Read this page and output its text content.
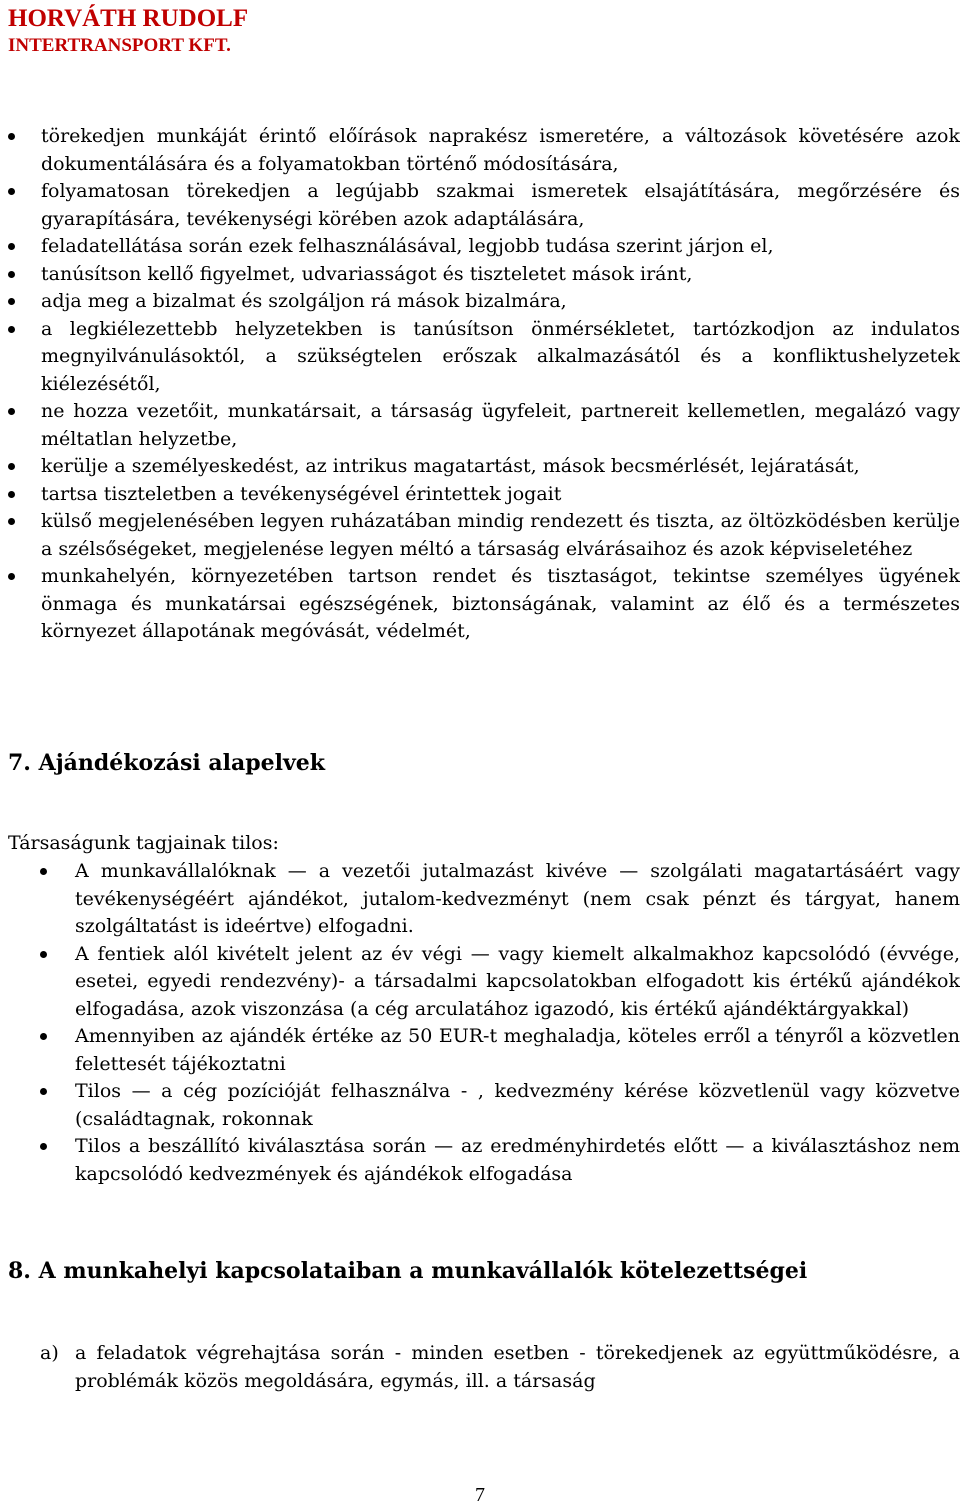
HORVÁTH RUDOLF
INTERTRANSPORT KFT.
törekedjen munkáját érintő előírások naprakész ismeretére, a változások követésére azok dokumentálására és a folyamatokban történő módosítására,
folyamatosan törekedjen a legújabb szakmai ismeretek elsajátítására, megőrzésére és gyarapítására, tevékenységi körében azok adaptálására,
feladatellátása során ezek felhasználásával, legjobb tudása szerint járjon el,
tanúsítson kellő figyelmet, udvariasságot és tiszteletet mások iránt,
adja meg a bizalmat és szolgáljon rá mások bizalmára,
a legkiélezettebb helyzetekben is tanúsítson önmérsékletet, tartózkodjon az indulatos megnyilvánulásoktól, a szükségtelen erőszak alkalmazásától és a konfliktushelyzetek kiélezésétől,
ne hozza vezetőit, munkatársait, a társaság ügyfeleit, partnereit kellemetlen, megalázó vagy méltatlan helyzetbe,
kerülje a személyeskedést, az intrikus magatartást, mások becsmérlését, lejáratását,
tartsa tiszteletben a tevékenységével érintettek jogait
külső megjelenésében legyen ruházatában mindig rendezett és tiszta, az öltözködésben kerülje a szélsőségeket, megjelenése legyen méltó a társaság elvárásaihoz és azok képviseletéhez
munkahelyén, környezetében tartson rendet és tisztaságot, tekintse személyes ügyének önmaga és munkatársai egészségének, biztonságának, valamint az élő és a természetes környezet állapotának megóvását, védelmét,
7. Ajándékozási alapelvek
Társaságunk tagjainak tilos:
A munkavállalóknak — a vezetői jutalmazást kivéve — szolgálati magatartásáért vagy tevékenységéért ajándékot, jutalom-kedvezményt (nem csak pénzt és tárgyat, hanem szolgáltatást is ideértve) elfogadni.
A fentiek alól kivételt jelent az év végi — vagy kiemelt alkalmakhoz kapcsolódó (évvége, esetei, egyedi rendezvény)- a társadalmi kapcsolatokban elfogadott kis értékű ajándékok elfogadása, azok viszonzása (a cég arculatához igazodó, kis értékű ajándéktárgyakkal)
Amennyiben az ajándék értéke az 50 EUR-t meghaladja, köteles erről a tényről a közvetlen felettesét tájékoztatni
Tilos — a cég pozícióját felhasználva - , kedvezmény kérése közvetlenül vagy közvetve (családtagnak, rokonnak
Tilos a beszállító kiválasztása során — az eredményhirdetés előtt — a kiválasztáshoz nem kapcsolódó kedvezmények és ajándékok elfogadása
8. A munkahelyi kapcsolataiban a munkavállalók kötelezettségei
a) a feladatok végrehajtása során - minden esetben - törekedjenek az együttműködésre, a problémák közös megoldására, egymás, ill. a társaság
7
